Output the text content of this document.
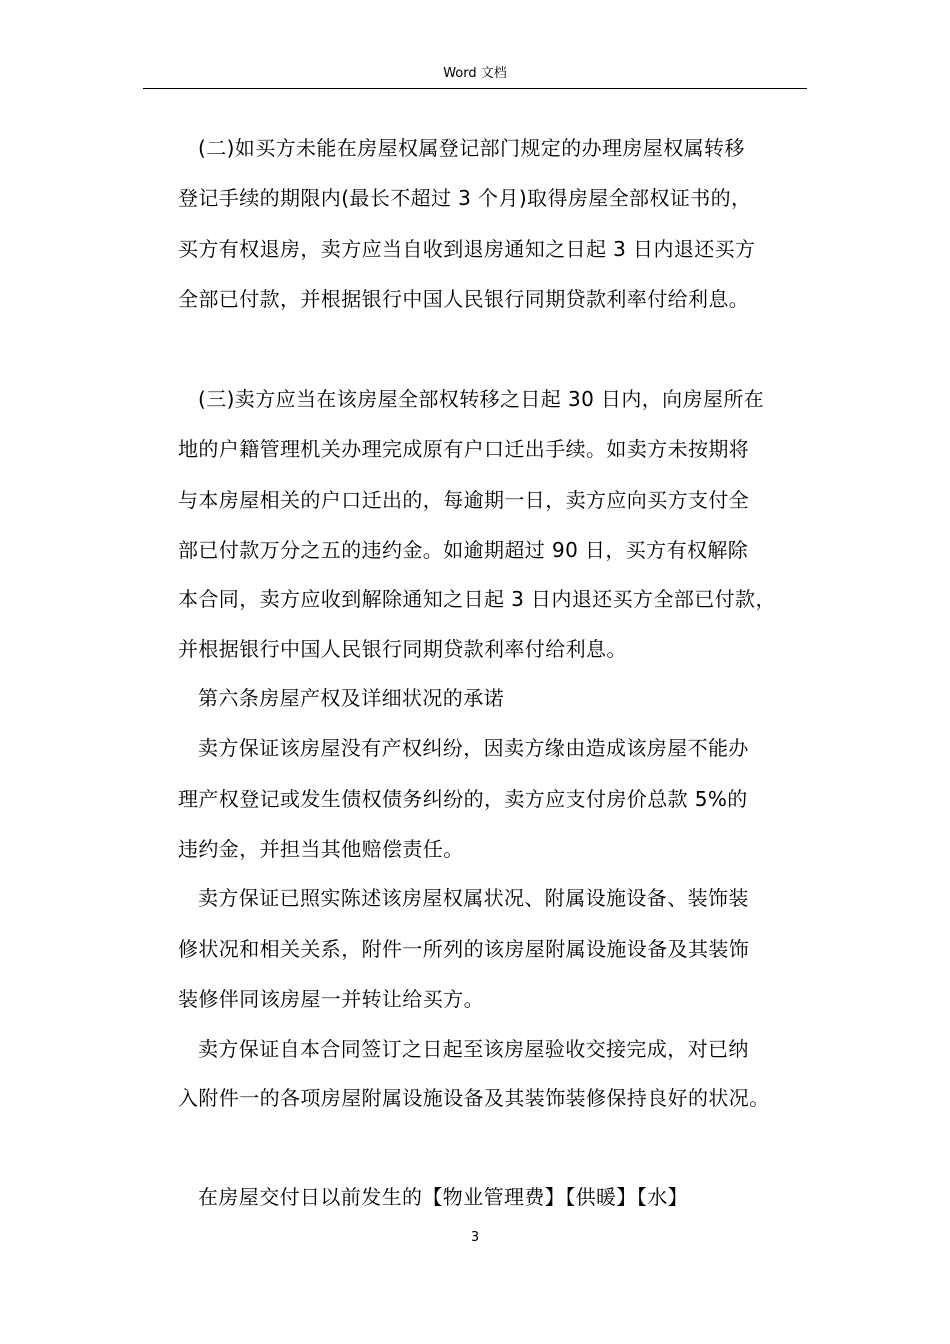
Word 文档
(二)如买方未能在房屋权属登记部门规定的办理房屋权属转移
登记手续的期限内(最长不超过 3 个月)取得房屋全部权证书的，
买方有权退房，卖方应当自收到退房通知之日起 3 日内退还买方
全部已付款，并根据银行中国人民银行同期贷款利率付给利息。
(三)卖方应当在该房屋全部权转移之日起 30 日内，向房屋所在
地的户籍管理机关办理完成原有户口迁出手续。如卖方未按期将
与本房屋相关的户口迁出的，每逾期一日，卖方应向买方支付全
部已付款万分之五的违约金。如逾期超过 90 日，买方有权解除
本合同，卖方应收到解除通知之日起 3 日内退还买方全部已付款，
并根据银行中国人民银行同期贷款利率付给利息。
第六条房屋产权及详细状况的承诺
卖方保证该房屋没有产权纠纷，因卖方缘由造成该房屋不能办
理产权登记或发生债权债务纠纷的，卖方应支付房价总款 5%的
违约金，并担当其他赔偿责任。
卖方保证已照实陈述该房屋权属状况、附属设施设备、装饰装
修状况和相关关系，附件一所列的该房屋附属设施设备及其装饰
装修伴同该房屋一并转让给买方。
卖方保证自本合同签订之日起至该房屋验收交接完成，对已纳
入附件一的各项房屋附属设施设备及其装饰装修保持良好的状况。
在房屋交付日以前发生的【物业管理费】【供暖】【水】
3
